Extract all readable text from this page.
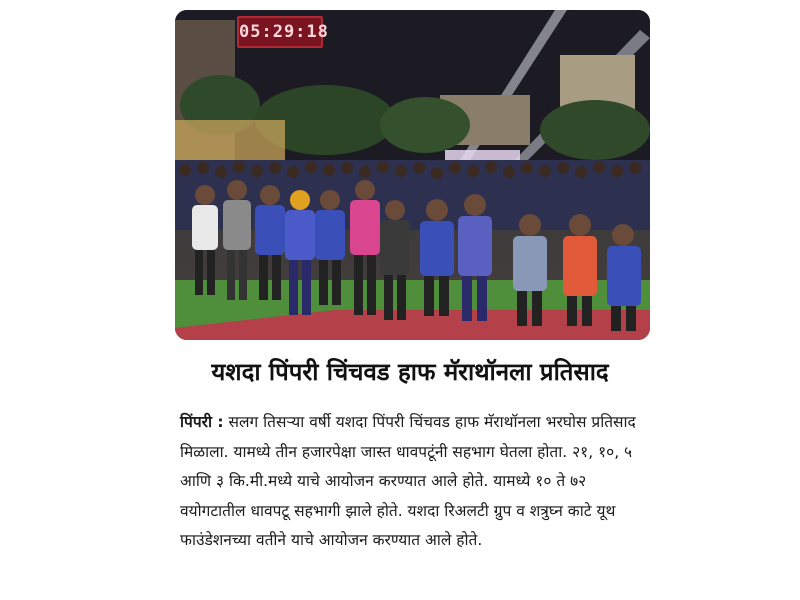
05:29:18
यशदा पिंपरी चिंचवड हाफ मॅराथॉनला प्रतिसाद

पिंपरी : सलग तिसऱ्या वर्षी यशदा पिंपरी चिंचवड हाफ मॅराथॉनला भरघोस प्रतिसाद मिळाला. यामध्ये तीन हजारपेक्षा जास्त धावपटूंनी सहभाग घेतला होता. २१, १०, ५ आणि ३ कि.मी.मध्ये याचे आयोजन करण्यात आले होते. यामध्ये १० ते ७२ वयोगटातील धावपटू सहभागी झाले होते. यशदा रिअलटी ग्रुप व शत्रुघ्न काटे यूथ फाउंडेशनच्या वतीने याचे आयोजन करण्यात आले होते.
